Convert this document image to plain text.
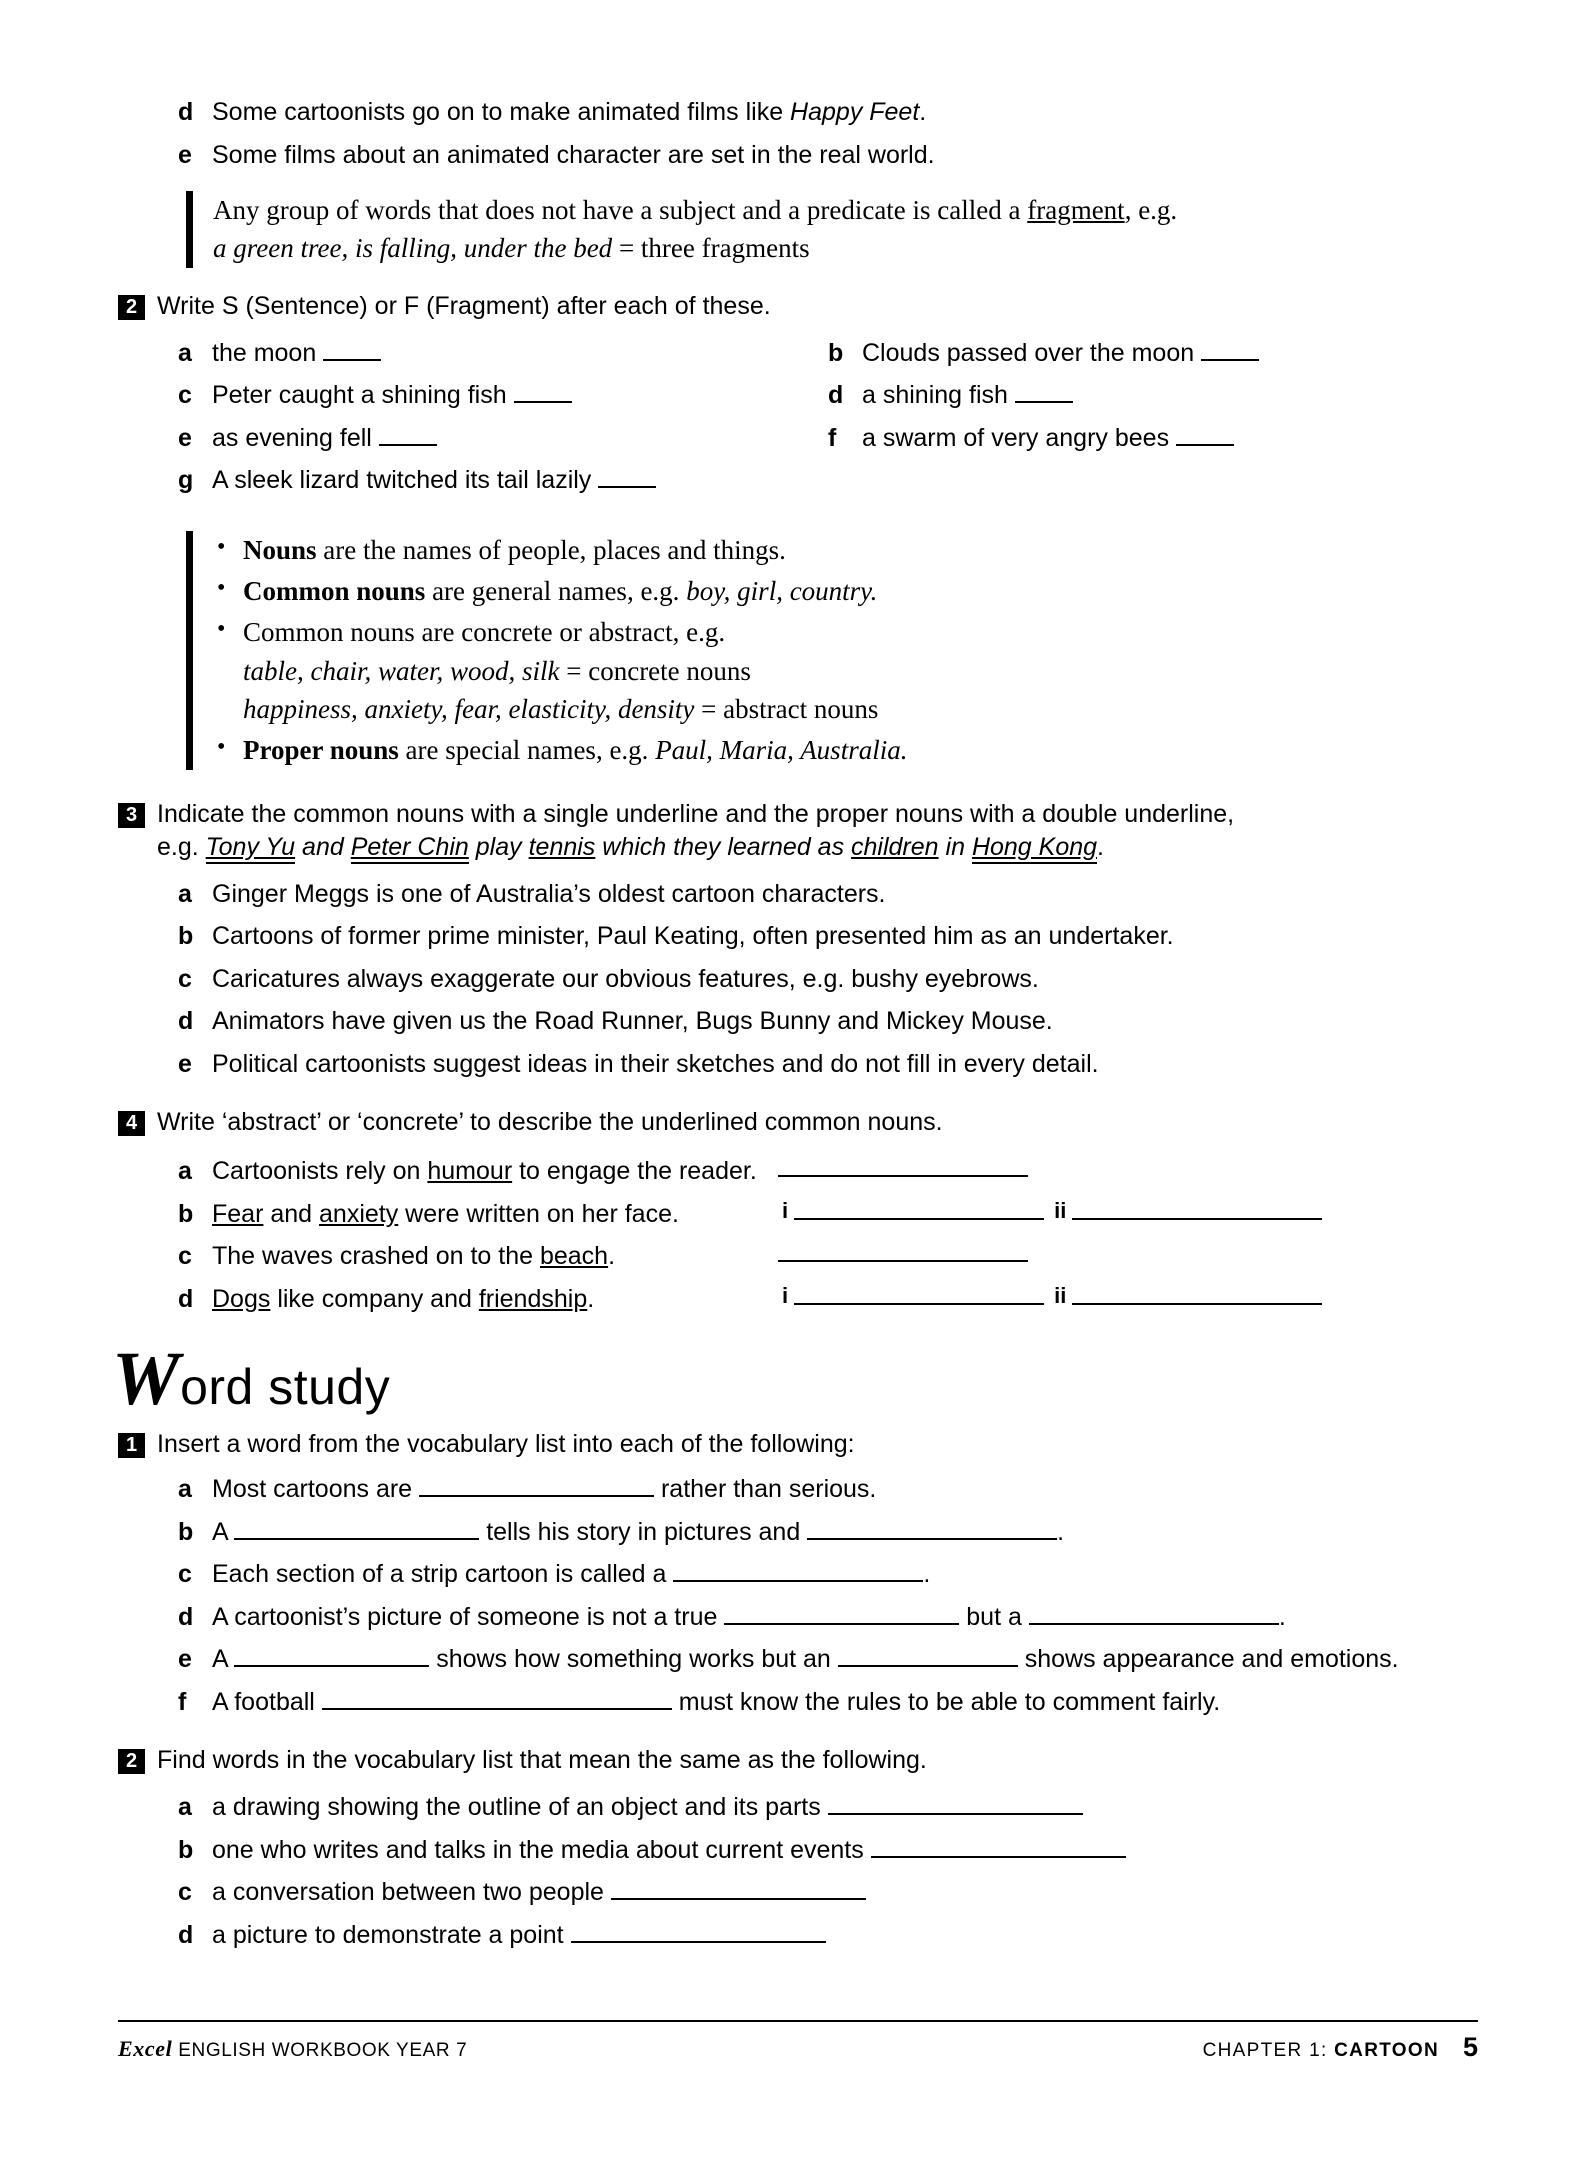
d Some cartoonists go on to make animated films like Happy Feet.
e Some films about an animated character are set in the real world.
Any group of words that does not have a subject and a predicate is called a fragment, e.g.
a green tree, is falling, under the bed = three fragments
2 Write S (Sentence) or F (Fragment) after each of these.
a the moon	b Clouds passed over the moon
c Peter caught a shining fish	d a shining fish
e as evening fell	f	a swarm of very angry bees
g A sleek lizard twitched its tail lazily
• Nouns are the names of people, places and things.
• Common nouns are general names, e.g. boy, girl, country.
• Common nouns are concrete or abstract, e.g.
table, chair, water, wood, silk = concrete nouns
happiness, anxiety, fear, elasticity, density = abstract nouns
• Proper nouns are special names, e.g. Paul, Maria, Australia.
3 Indicate the common nouns with a single underline and the proper nouns with a double underline,
e.g. Tony Yu and Peter Chin play tennis which they learned as children in Hong Kong.
a Ginger Meggs is one of Australia’s oldest cartoon characters.
b Cartoons of former prime minister, Paul Keating, often presented him as an undertaker.
c Caricatures always exaggerate our obvious features, e.g. bushy eyebrows.
d Animators have given us the Road Runner, Bugs Bunny and Mickey Mouse.
e Political cartoonists suggest ideas in their sketches and do not fill in every detail.
4 Write ‘abstract’ or ‘concrete’ to describe the underlined common nouns.
a Cartoonists rely on humour to engage the reader.
b Fear and anxiety were written on her face.	i	ii
c The waves crashed on to the beach.
d Dogs like company and friendship.	i	ii
Word study
1 Insert a word from the vocabulary list into each of the following:
a Most cartoons are	rather than serious.
b A	tells his story in pictures and	.
c Each section of a strip cartoon is called a	.
d A cartoonist’s picture of someone is not a true	but a	.
e A	shows how something works but an	shows appearance and emotions.
f	A football	must know the rules to be able to comment fairly.
2 Find words in the vocabulary list that mean the same as the following.
a a drawing showing the outline of an object and its parts
b one who writes and talks in the media about current events
c a conversation between two people
d a picture to demonstrate a point
Excel ENGLISH WORKBOOK YEAR 7	CHAPTER 1: CARTOON 5
